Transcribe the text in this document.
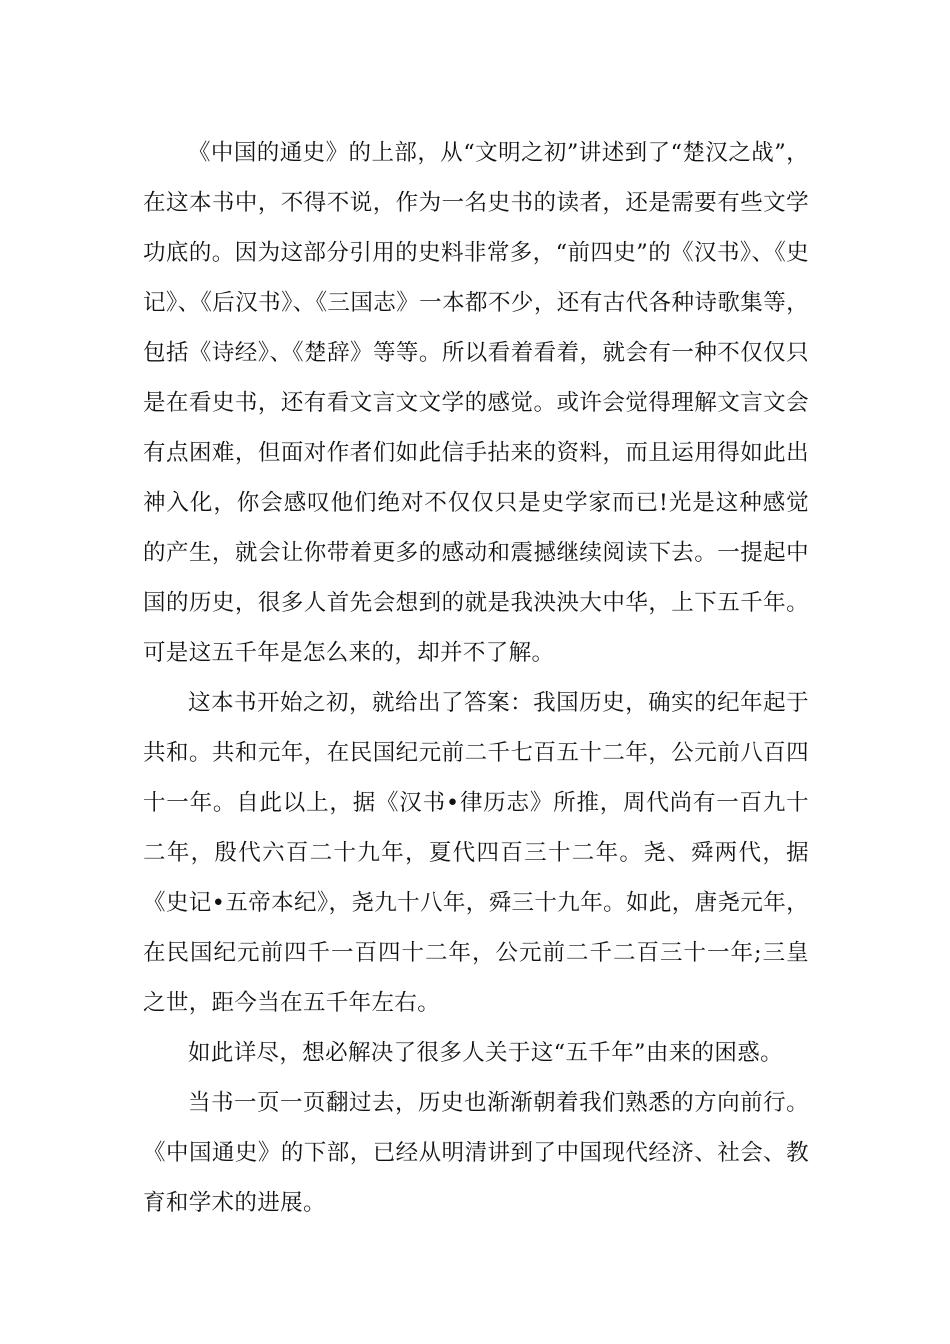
《中国的通史》的上部，从“文明之初”讲述到了“楚汉之战”，在这本书中，不得不说，作为一名史书的读者，还是需要有些文学功底的。因为这部分引用的史料非常多，“前四史”的《汉书》、《史记》、《后汉书》、《三国志》一本都不少，还有古代各种诗歌集等，包括《诗经》、《楚辞》等等。所以看着看着，就会有一种不仅仅只是在看史书，还有看文言文文学的感觉。或许会觉得理解文言文会有点困难，但面对作者们如此信手拈来的资料，而且运用得如此出神入化，你会感叹他们绝对不仅仅只是史学家而已!光是这种感觉的产生，就会让你带着更多的感动和震撼继续阅读下去。一提起中国的历史，很多人首先会想到的就是我泱泱大中华，上下五千年。可是这五千年是怎么来的，却并不了解。

这本书开始之初，就给出了答案：我国历史，确实的纪年起于共和。共和元年，在民国纪元前二千七百五十二年，公元前八百四十一年。自此以上，据《汉书•律历志》所推，周代尚有一百九十二年，殷代六百二十九年，夏代四百三十二年。尧、舜两代，据《史记•五帝本纪》，尧九十八年，舜三十九年。如此，唐尧元年，在民国纪元前四千一百四十二年，公元前二千二百三十一年;三皇之世，距今当在五千年左右。

如此详尽，想必解决了很多人关于这“五千年”由来的困惑。

当书一页一页翻过去，历史也渐渐朝着我们熟悉的方向前行。《中国通史》的下部，已经从明清讲到了中国现代经济、社会、教育和学术的进展。
